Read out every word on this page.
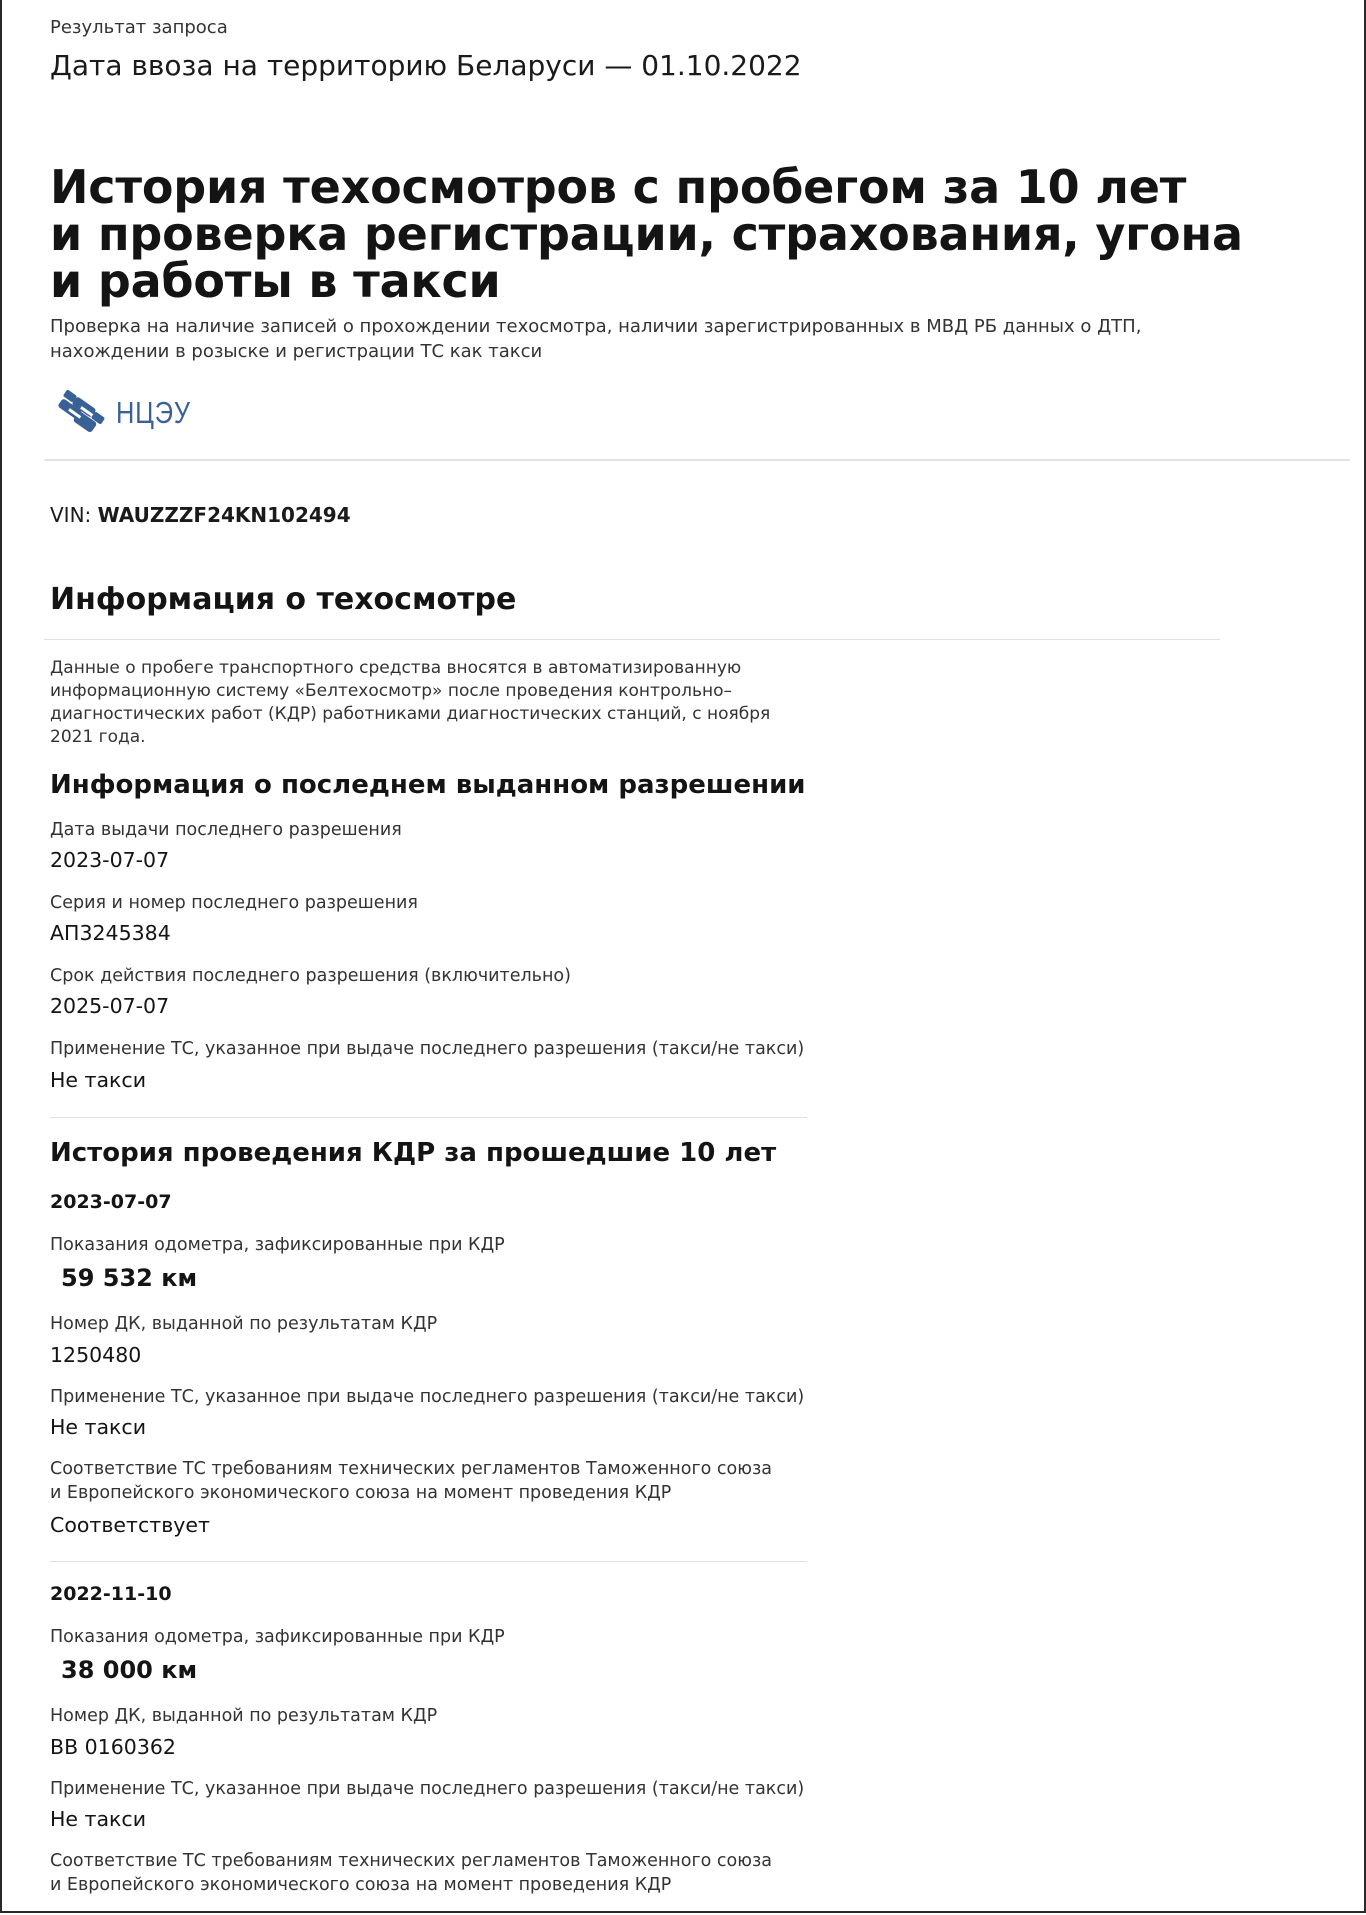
Результат запроса
Дата ввоза на территорию Беларуси — 01.10.2022
История техосмотров с пробегом за 10 лет
и проверка регистрации, страхования, угона
и работы в такси
Проверка на наличие записей о прохождении техосмотра, наличии зарегистрированных в МВД РБ данных о ДТП,
нахождении в розыске и регистрации ТС как такси
НЦЭУ
VIN: WAUZZZF24KN102494
Информация о техосмотре
Данные о пробеге транспортного средства вносятся в автоматизированную
информационную систему «Белтехосмотр» после проведения контрольно–
диагностических работ (КДР) работниками диагностических станций, с ноября
2021 года.
Информация о последнем выданном разрешении
Дата выдачи последнего разрешения
2023-07-07
Серия и номер последнего разрешения
АП3245384
Срок действия последнего разрешения (включительно)
2025-07-07
Применение ТС, указанное при выдаче последнего разрешения (такси/не такси)
Не такси
История проведения КДР за прошедшие 10 лет
2023-07-07
Показания одометра, зафиксированные при КДР
59 532 км
Номер ДК, выданной по результатам КДР
1250480
Применение ТС, указанное при выдаче последнего разрешения (такси/не такси)
Не такси
Соответствие ТС требованиям технических регламентов Таможенного союза
и Европейского экономического союза на момент проведения КДР
Соответствует
2022-11-10
Показания одометра, зафиксированные при КДР
38 000 км
Номер ДК, выданной по результатам КДР
ВВ 0160362
Применение ТС, указанное при выдаче последнего разрешения (такси/не такси)
Не такси
Соответствие ТС требованиям технических регламентов Таможенного союза
и Европейского экономического союза на момент проведения КДР
